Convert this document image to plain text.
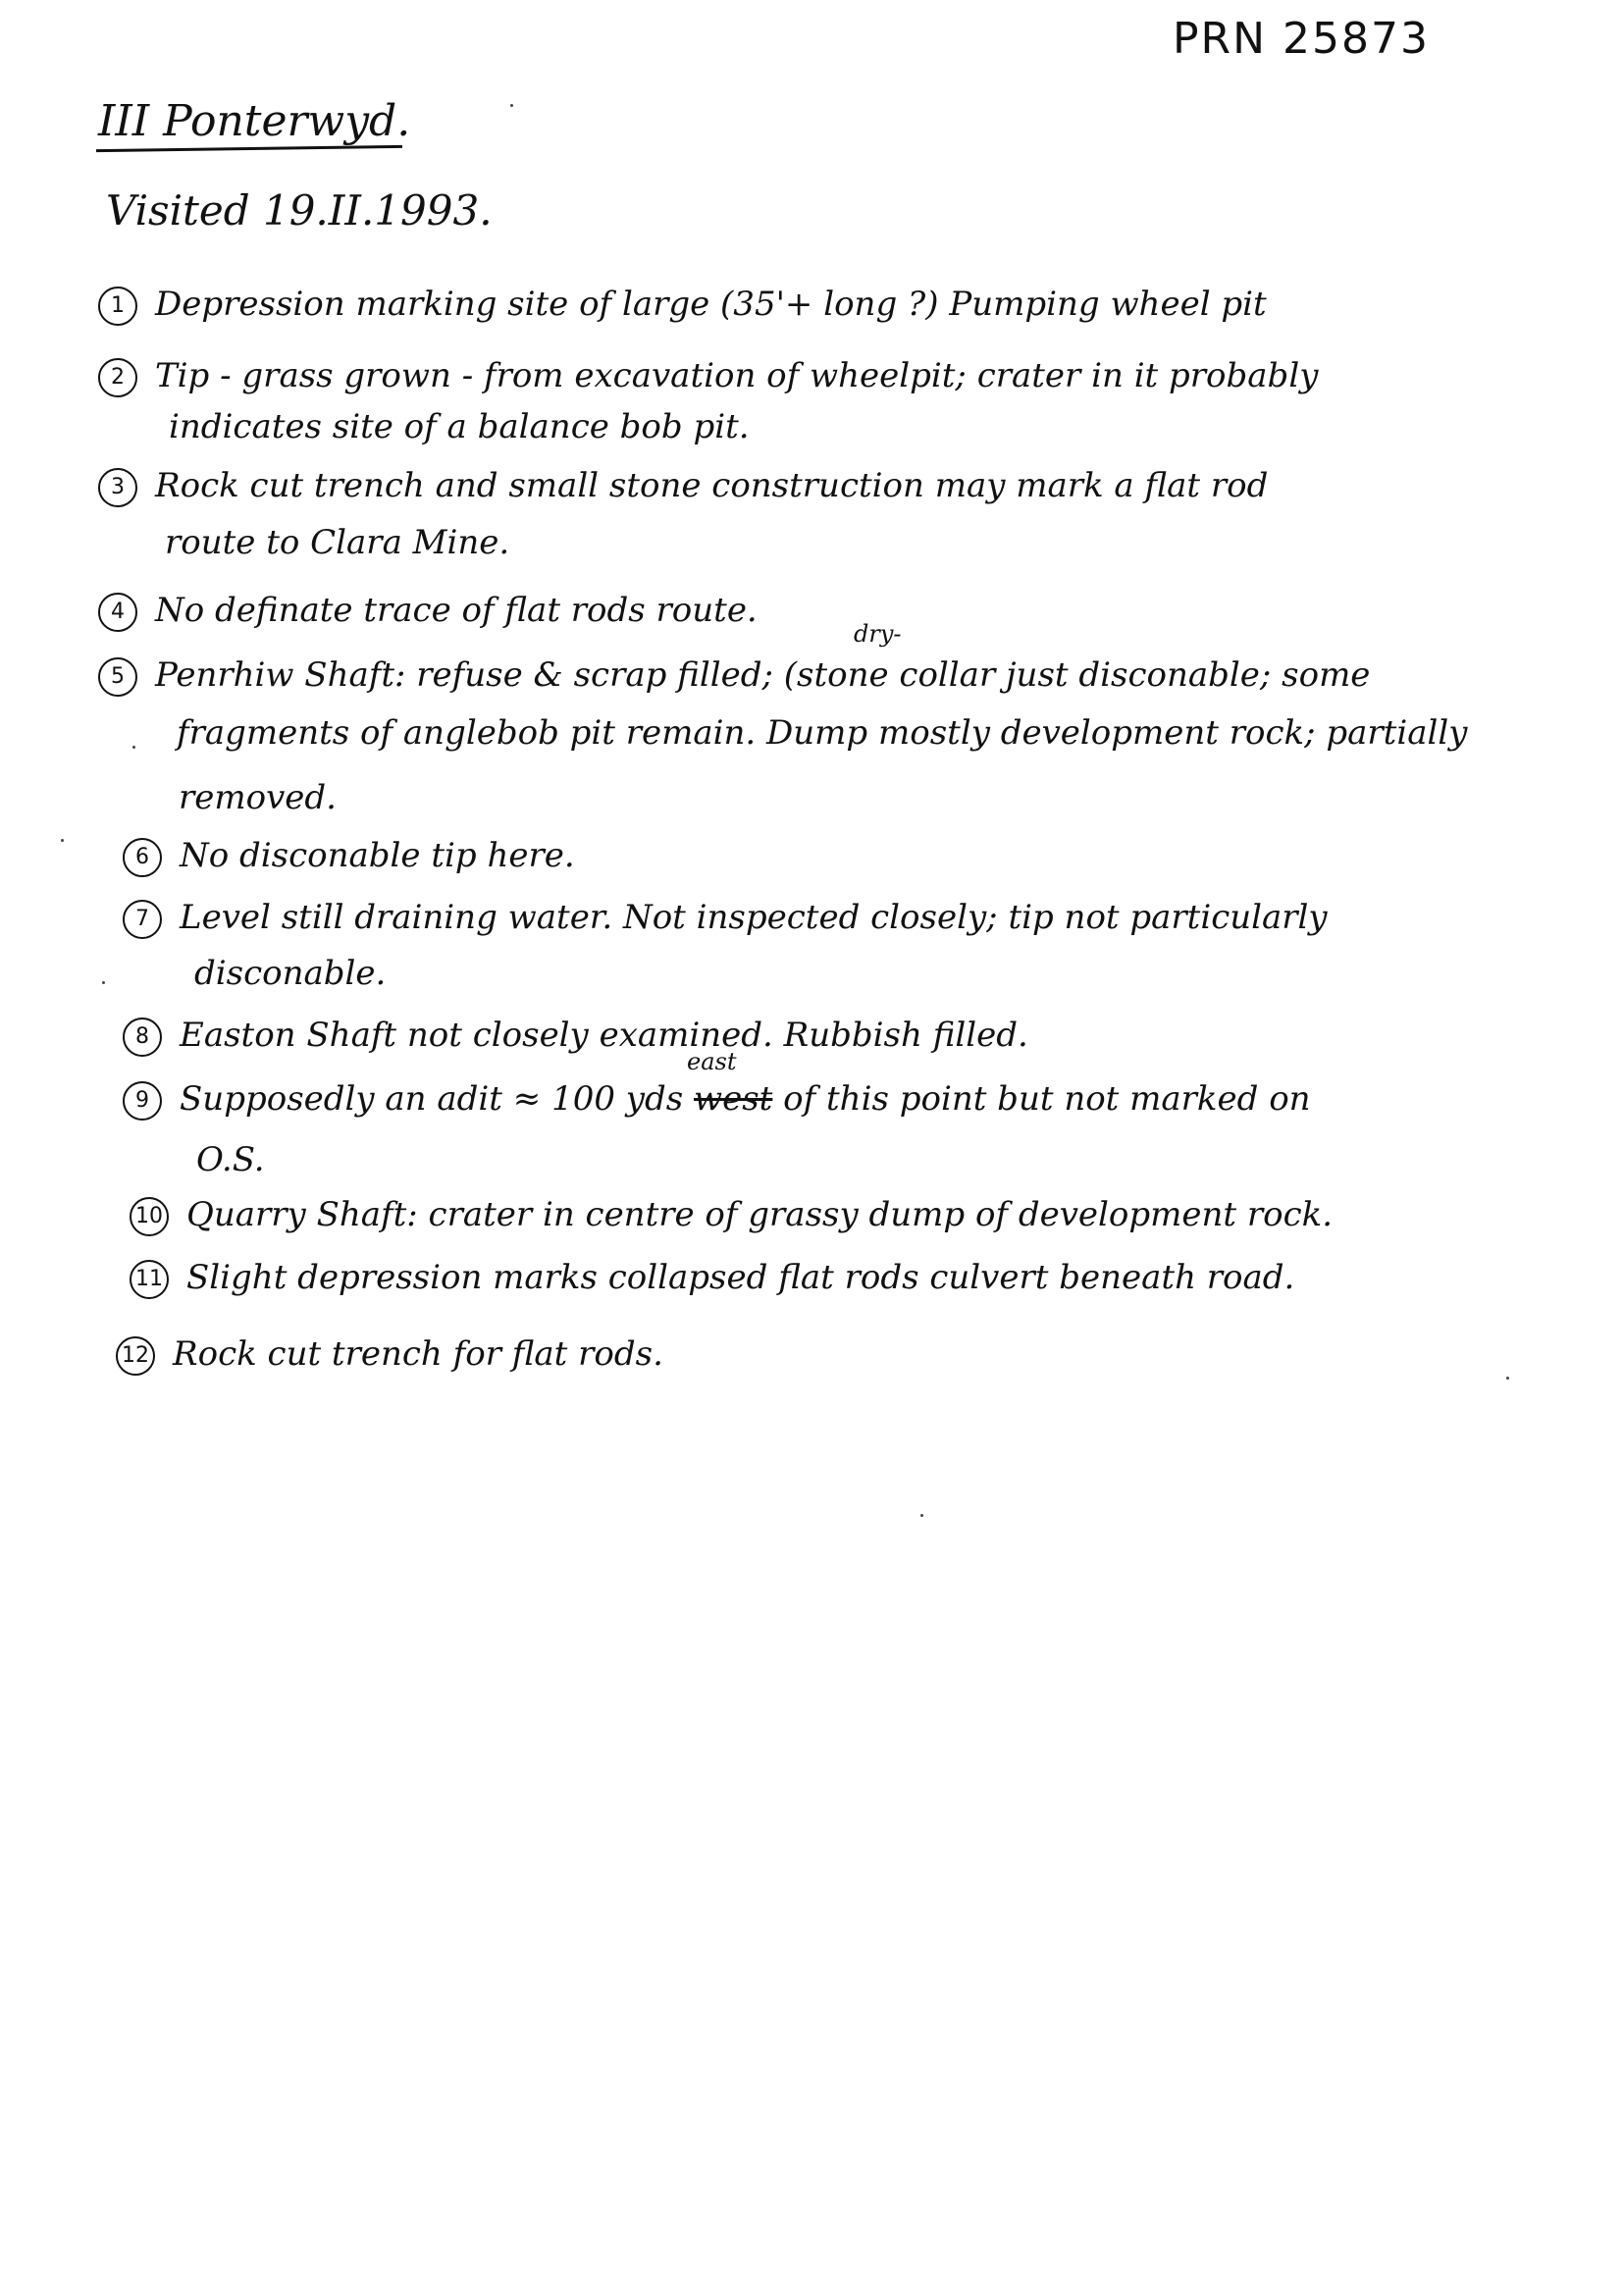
PRN 25873
III Ponterwyd.
Visited 19.II.1993.
1 Depression marking site of large (35'+ long ?) Pumping wheel pit
2 Tip - grass grown - from excavation of wheelpit; crater in it probably
indicates site of a balance bob pit.
3 Rock cut trench and small stone construction may mark a flat rod
route to Clara Mine.
4 No definate trace of flat rods route.
dry-
5 Penrhiw Shaft: refuse & scrap filled; (stone collar just disconable; some
fragments of anglebob pit remain. Dump mostly development rock; partially
removed.
6 No disconable tip here.
7 Level still draining water. Not inspected closely; tip not particularly
disconable.
8 Easton Shaft not closely examined. Rubbish filled.
east
9 Supposedly an adit ≈ 100 yds west of this point but not marked on
O.S.
10 Quarry Shaft: crater in centre of grassy dump of development rock.
11 Slight depression marks collapsed flat rods culvert beneath road.
12 Rock cut trench for flat rods.
